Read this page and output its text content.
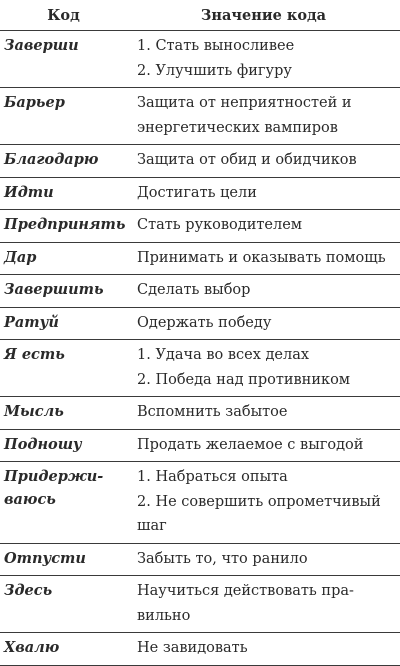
Код	Значение кода

Заверши	1. Стать выносливее
2. Улучшить фигуру

Барьер	Защита от неприятностей и
энергетических вампиров

Благодарю	Защита от обид и обидчиков

Идти	Достигать цели

Предпринять	Стать руководителем

Дар	Принимать и оказывать помощь

Завершить	Сделать выбор

Ратуй	Одержать победу

Я есть	1. Удача во всех делах
2. Победа над противником

Мысль	Вспомнить забытое

Подношу	Продать желаемое с выгодой

Придержи-
ваюсь	1. Набраться опыта
2. Не совершить опрометчивый
шаг

Отпусти	Забыть то, что ранило

Здесь	Научиться действовать пра-
вильно

Хвалю	Не завидовать
